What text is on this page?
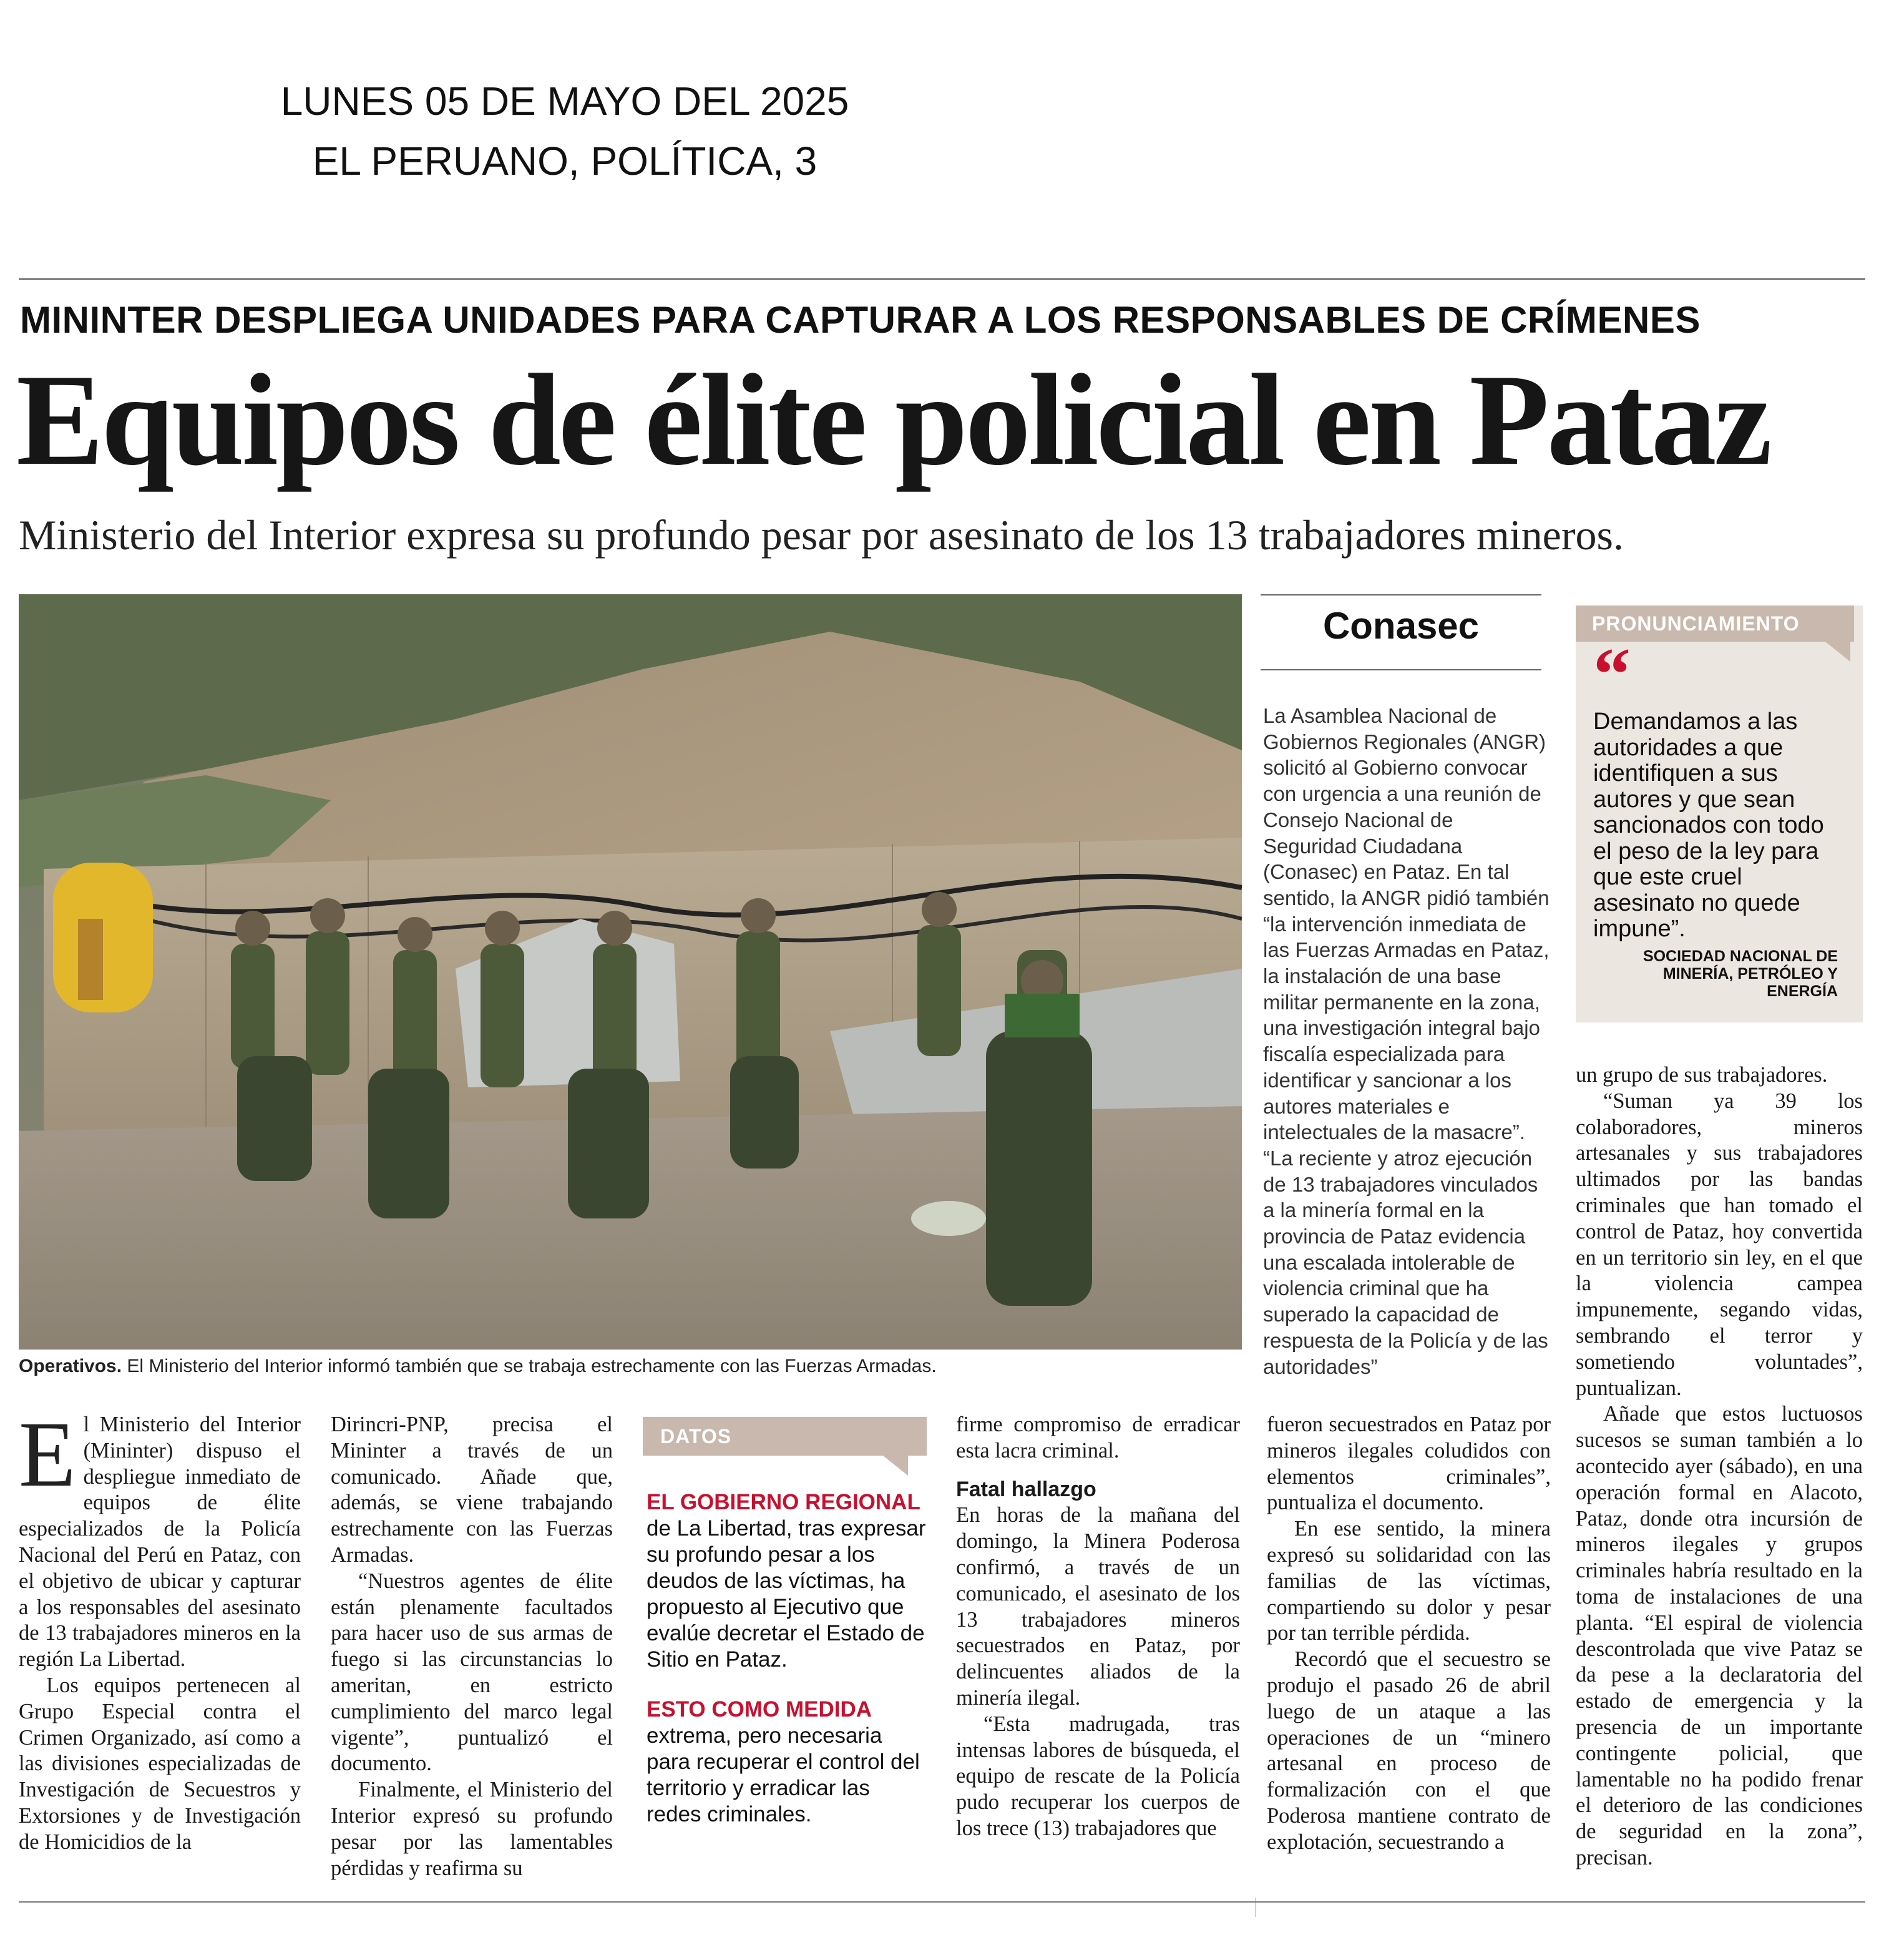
LUNES 05 DE MAYO DEL 2025
EL PERUANO, POLÍTICA, 3
MININTER DESPLIEGA UNIDADES PARA CAPTURAR A LOS RESPONSABLES DE CRÍMENES
Equipos de élite policial en Pataz
Ministerio del Interior expresa su profundo pesar por asesinato de los 13 trabajadores mineros.
Operativos. El Ministerio del Interior informó también que se trabaja estrechamente con las Fuerzas Armadas.
Conasec
La Asamblea Nacional de Gobiernos Regionales (ANGR) solicitó al Gobierno convocar con urgencia a una reunión de Consejo Nacional de Seguridad Ciudadana (Conasec) en Pataz. En tal sentido, la ANGR pidió también “la intervención inmediata de las Fuerzas Armadas en Pataz, la instalación de una base militar permanente en la zona, una investigación integral bajo fiscalía especializada para identificar y sancionar a los autores materiales e intelectuales de la masacre”. “La reciente y atroz ejecución de 13 trabajadores vinculados a la minería formal en la provincia de Pataz evidencia una escalada intolerable de violencia criminal que ha superado la capacidad de respuesta de la Policía y de las autoridades”
PRONUNCIAMIENTO
“
Demandamos a las autoridades a que identifiquen a sus autores y que sean sancionados con todo el peso de la ley para que este cruel asesinato no quede impune”.
SOCIEDAD NACIONAL DE MINERÍA, PETRÓLEO Y ENERGÍA

un grupo de sus trabajadores.

“Suman ya 39 los colaboradores, mineros artesanales y sus trabajadores ultimados por las bandas criminales que han tomado el control de Pataz, hoy convertida en un territorio sin ley, en el que la violencia campea impunemente, segando vidas, sembrando el terror y sometiendo voluntades”, puntualizan.

Añade que estos luctuosos sucesos se suman también a lo acontecido ayer (sábado), en una operación formal en Alacoto, Pataz, donde otra incursión de mineros ilegales y grupos criminales habría resultado en la toma de instalaciones de una planta. “El espiral de violencia descontrolada que vive Pataz se da pese a la declaratoria del estado de emergencia y la presencia de un importante contingente policial, que lamentable no ha podido frenar el deterioro de las condiciones de seguridad en la zona”, precisan.

El Ministerio del Interior (Mininter) dispuso el despliegue inmediato de equipos de élite especializados de la Policía Nacional del Perú en Pataz, con el objetivo de ubicar y capturar a los responsables del asesinato de 13 trabajadores mineros en la región La Libertad.

Los equipos pertenecen al Grupo Especial contra el Crimen Organizado, así como a las divisiones especializadas de Investigación de Secuestros y Extorsiones y de Investigación de Homicidios de la

Dirincri-PNP, precisa el Mininter a través de un comunicado. Añade que, además, se viene trabajando estrechamente con las Fuerzas Armadas.

“Nuestros agentes de élite están plenamente facultados para hacer uso de sus armas de fuego si las circunstancias lo ameritan, en estricto cumplimiento del marco legal vigente”, puntualizó el documento.

Finalmente, el Ministerio del Interior expresó su profundo pesar por las lamentables pérdidas y reafirma su

DATOS
EL GOBIERNO REGIONAL de La Libertad, tras expresar su profundo pesar a los deudos de las víctimas, ha propuesto al Ejecutivo que evalúe decretar el Estado de Sitio en Pataz.
ESTO COMO MEDIDA extrema, pero necesaria para recuperar el control del territorio y erradicar las redes criminales.

firme compromiso de erradicar esta lacra criminal.

Fatal hallazgo

En horas de la mañana del domingo, la Minera Poderosa confirmó, a través de un comunicado, el asesinato de los 13 trabajadores mineros secuestrados en Pataz, por delincuentes aliados de la minería ilegal.

“Esta madrugada, tras intensas labores de búsqueda, el equipo de rescate de la Policía pudo recuperar los cuerpos de los trece (13) trabajadores que

fueron secuestrados en Pataz por mineros ilegales coludidos con elementos criminales”, puntualiza el documento.

En ese sentido, la minera expresó su solidaridad con las familias de las víctimas, compartiendo su dolor y pesar por tan terrible pérdida.

Recordó que el secuestro se produjo el pasado 26 de abril luego de un ataque a las operaciones de un “minero artesanal en proceso de formalización con el que Poderosa mantiene contrato de explotación, secuestrando a
